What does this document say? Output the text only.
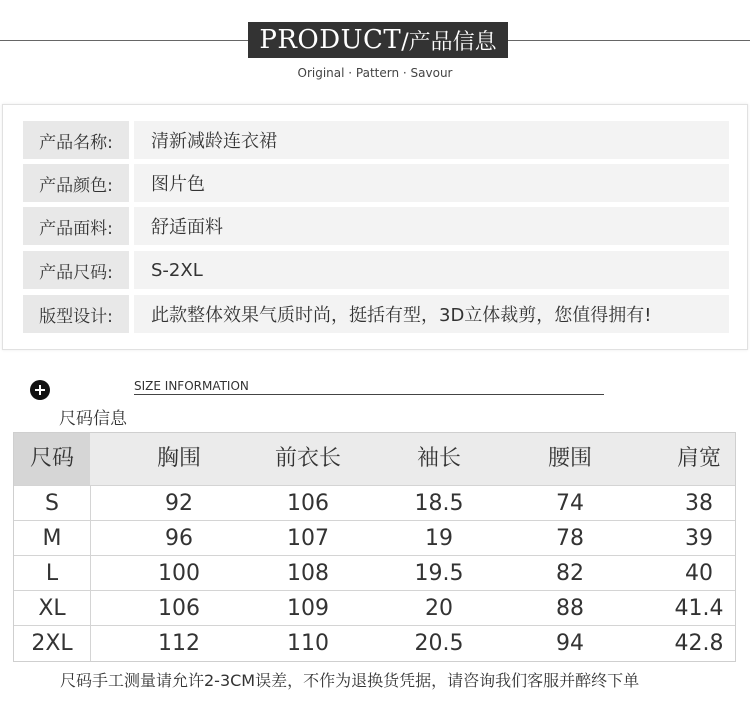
PRODUCT /产品信息
Original · Pattern · Savour
产品名称:	清新减龄连衣裙
产品颜色:	图片色
产品面料:	舒适面料
产品尺码:	S-2XL
版型设计:	此款整体效果气质时尚，挺括有型，3D立体裁剪，您值得拥有!
SIZE INFORMATION
尺码信息
尺码	胸围	前衣长	袖长	腰围	肩宽
S	92	106	18.5	74	38
M	96	107	19	78	39
L	100	108	19.5	82	40
XL	106	109	20	88	41.4
2XL	112	110	20.5	94	42.8
尺码手工测量请允许2-3CM误差，不作为退换货凭据，请咨询我们客服并醉终下单
